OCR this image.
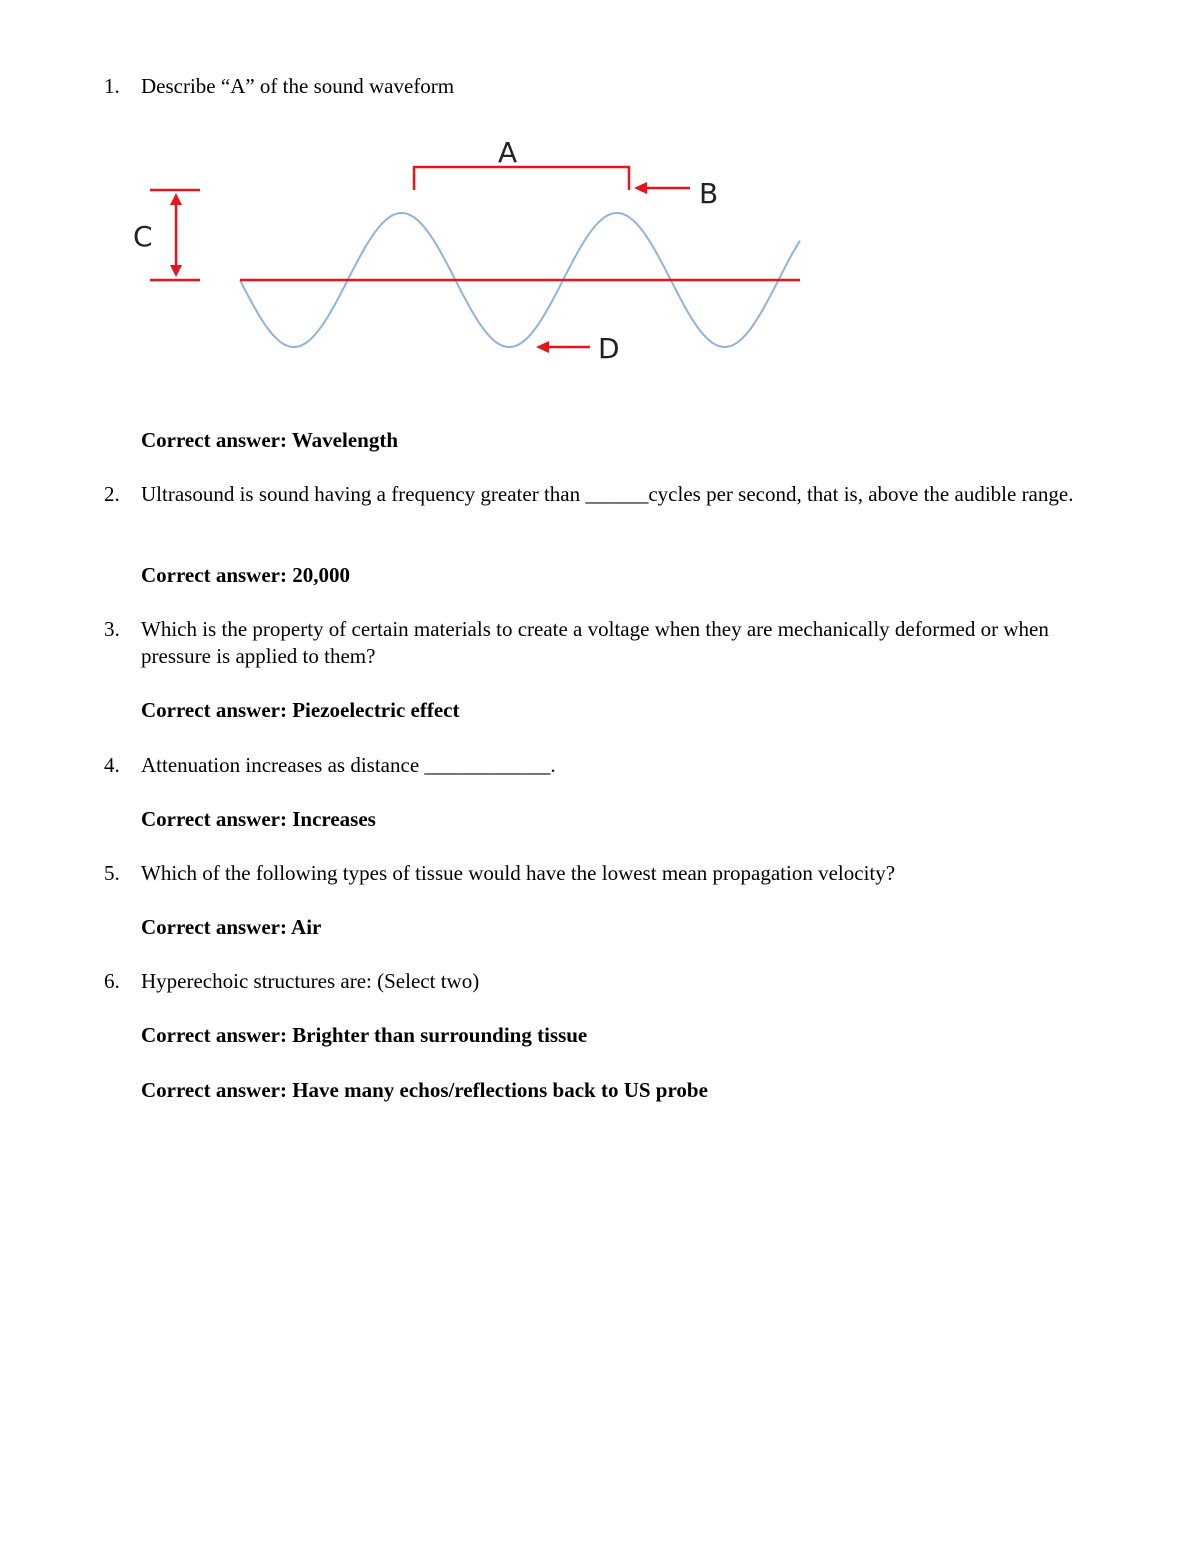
1. Describe “A” of the sound waveform
A
B
C
D
Correct answer: Wavelength
2. Ultrasound is sound having a frequency greater than ______cycles per second, that is, above the audible range.
Correct answer: 20,000
3. Which is the property of certain materials to create a voltage when they are mechanically deformed or when pressure is applied to them?
Correct answer: Piezoelectric effect
4. Attenuation increases as distance ____________.
Correct answer: Increases
5. Which of the following types of tissue would have the lowest mean propagation velocity?
Correct answer: Air
6. Hyperechoic structures are: (Select two)
Correct answer: Brighter than surrounding tissue
Correct answer: Have many echos/reflections back to US probe
